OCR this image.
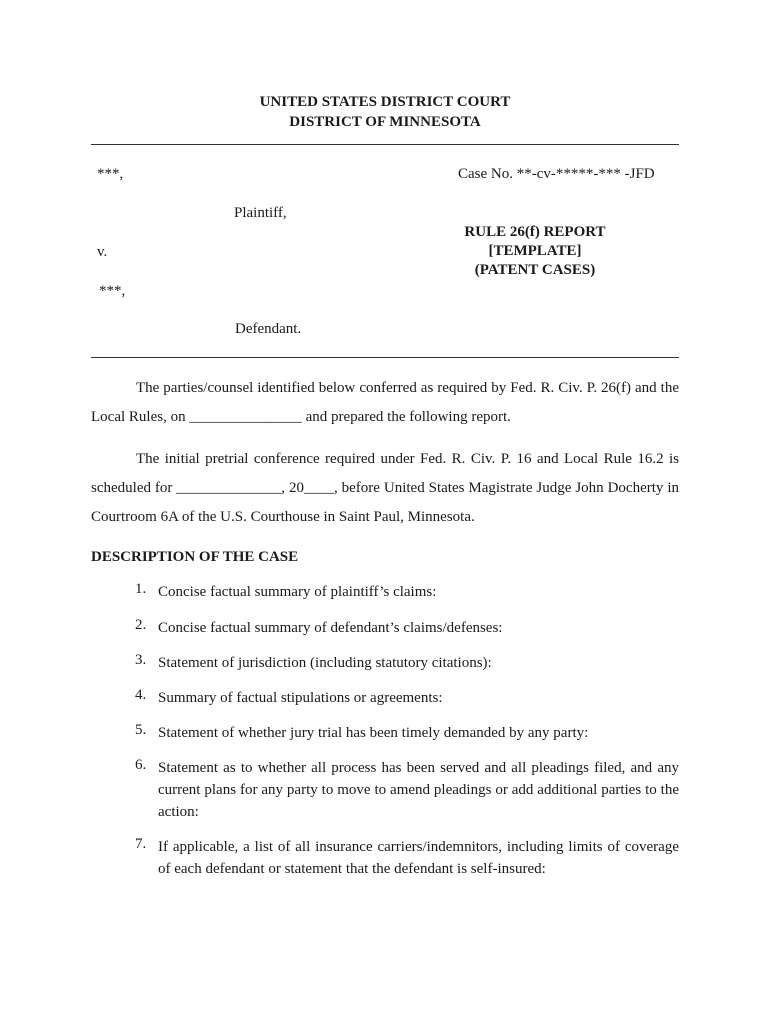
UNITED STATES DISTRICT COURT
DISTRICT OF MINNESOTA
***,
Plaintiff,
v.
***,
Defendant.
Case No. **-cv-*****-*** -JFD
RULE 26(f) REPORT
[TEMPLATE]
(PATENT CASES)
The parties/counsel identified below conferred as required by Fed. R. Civ. P. 26(f) and the Local Rules, on _______________ and prepared the following report.
The initial pretrial conference required under Fed. R. Civ. P. 16 and Local Rule 16.2 is scheduled for ______________, 20____, before United States Magistrate Judge John Docherty in Courtroom 6A of the U.S. Courthouse in Saint Paul, Minnesota.
DESCRIPTION OF THE CASE
1. Concise factual summary of plaintiff’s claims:
2. Concise factual summary of defendant’s claims/defenses:
3. Statement of jurisdiction (including statutory citations):
4. Summary of factual stipulations or agreements:
5. Statement of whether jury trial has been timely demanded by any party:
6. Statement as to whether all process has been served and all pleadings filed, and any current plans for any party to move to amend pleadings or add additional parties to the action:
7. If applicable, a list of all insurance carriers/indemnitors, including limits of coverage of each defendant or statement that the defendant is self-insured:
